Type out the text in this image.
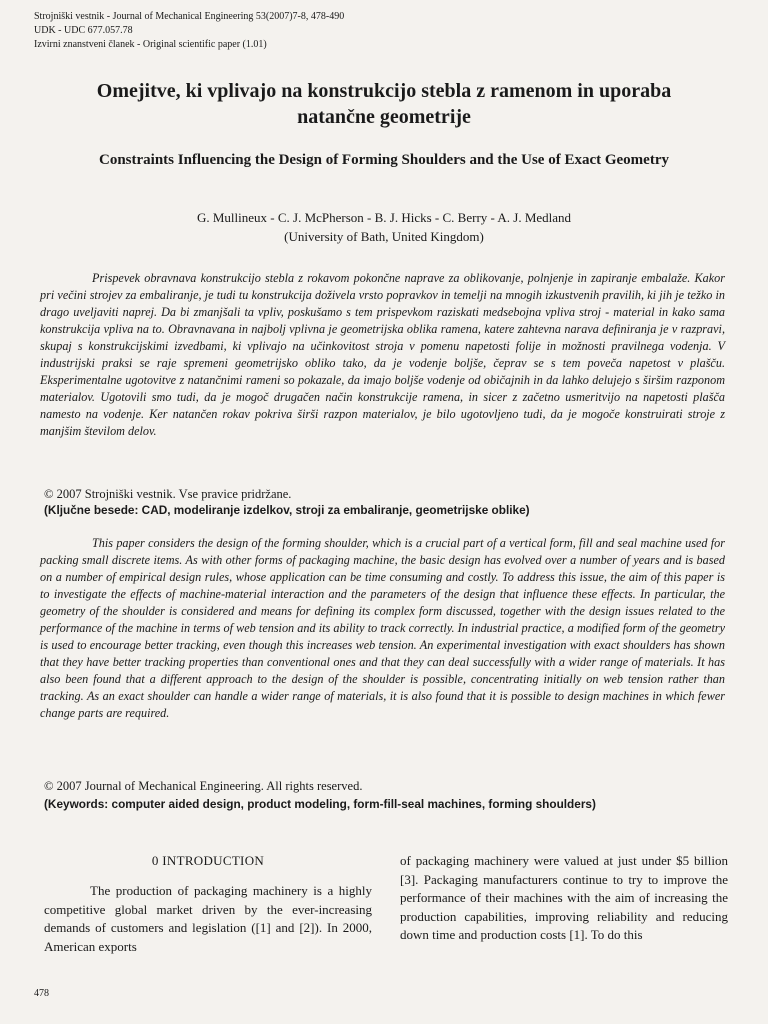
Strojniški vestnik - Journal of Mechanical Engineering 53(2007)7-8, 478-490
UDK - UDC 677.057.78
Izvirni znanstveni članek - Original scientific paper (1.01)
Omejitve, ki vplivajo na konstrukcijo stebla z ramenom in uporaba natančne geometrije
Constraints Influencing the Design of Forming Shoulders and the Use of Exact Geometry
G. Mullineux - C. J. McPherson - B. J. Hicks - C. Berry - A. J. Medland
(University of Bath, United Kingdom)
Prispevek obravnava konstrukcijo stebla z rokavom pokončne naprave za oblikovanje, polnjenje in zapiranje embalaže. Kakor pri večini strojev za embaliranje, je tudi tu konstrukcija doživela vrsto popravkov in temelji na mnogih izkustvenih pravilih, ki jih je težko in drago uveljaviti naprej. Da bi zmanjšali ta vpliv, poskušamo s tem prispevkom raziskati medsebojna vpliva stroj - material in kako sama konstrukcija vpliva na to. Obravnavana in najbolj vplivna je geometrijska oblika ramena, katere zahtevna narava definiranja je v razpravi, skupaj s konstrukcijskimi izvedbami, ki vplivajo na učinkovitost stroja v pomenu napetosti folije in možnosti pravilnega vodenja. V industrijski praksi se raje spremeni geometrijsko obliko tako, da je vodenje boljše, čeprav se s tem poveča napetost v plašču. Eksperimentalne ugotovitve z natančnimi rameni so pokazale, da imajo boljše vodenje od običajnih in da lahko delujejo s širšim razponom materialov. Ugotovili smo tudi, da je mogoč drugačen način konstrukcije ramena, in sicer z začetno usmeritvijo na napetosti plašča namesto na vodenje. Ker natančen rokav pokriva širši razpon materialov, je bilo ugotovljeno tudi, da je mogoče konstruirati stroje z manjšim številom delov.
© 2007 Strojniški vestnik. Vse pravice pridržane.
(Ključne besede: CAD, modeliranje izdelkov, stroji za embaliranje, geometrijske oblike)
This paper considers the design of the forming shoulder, which is a crucial part of a vertical form, fill and seal machine used for packing small discrete items. As with other forms of packaging machine, the basic design has evolved over a number of years and is based on a number of empirical design rules, whose application can be time consuming and costly. To address this issue, the aim of this paper is to investigate the effects of machine-material interaction and the parameters of the design that influence these effects. In particular, the geometry of the shoulder is considered and means for defining its complex form discussed, together with the design issues related to the performance of the machine in terms of web tension and its ability to track correctly. In industrial practice, a modified form of the geometry is used to encourage better tracking, even though this increases web tension. An experimental investigation with exact shoulders has shown that they have better tracking properties than conventional ones and that they can deal successfully with a wider range of materials. It has also been found that a different approach to the design of the shoulder is possible, concentrating initially on web tension rather than tracking. As an exact shoulder can handle a wider range of materials, it is also found that it is possible to design machines in which fewer change parts are required.
© 2007 Journal of Mechanical Engineering. All rights reserved.
(Keywords: computer aided design, product modeling, form-fill-seal machines, forming shoulders)
0 INTRODUCTION

The production of packaging machinery is a highly competitive global market driven by the ever-increasing demands of customers and legislation ([1] and [2]). In 2000, American exports

of packaging machinery were valued at just under $5 billion [3]. Packaging manufacturers continue to try to improve the performance of their machines with the aim of increasing the production capabilities, improving reliability and reducing down time and production costs [1]. To do this

478
